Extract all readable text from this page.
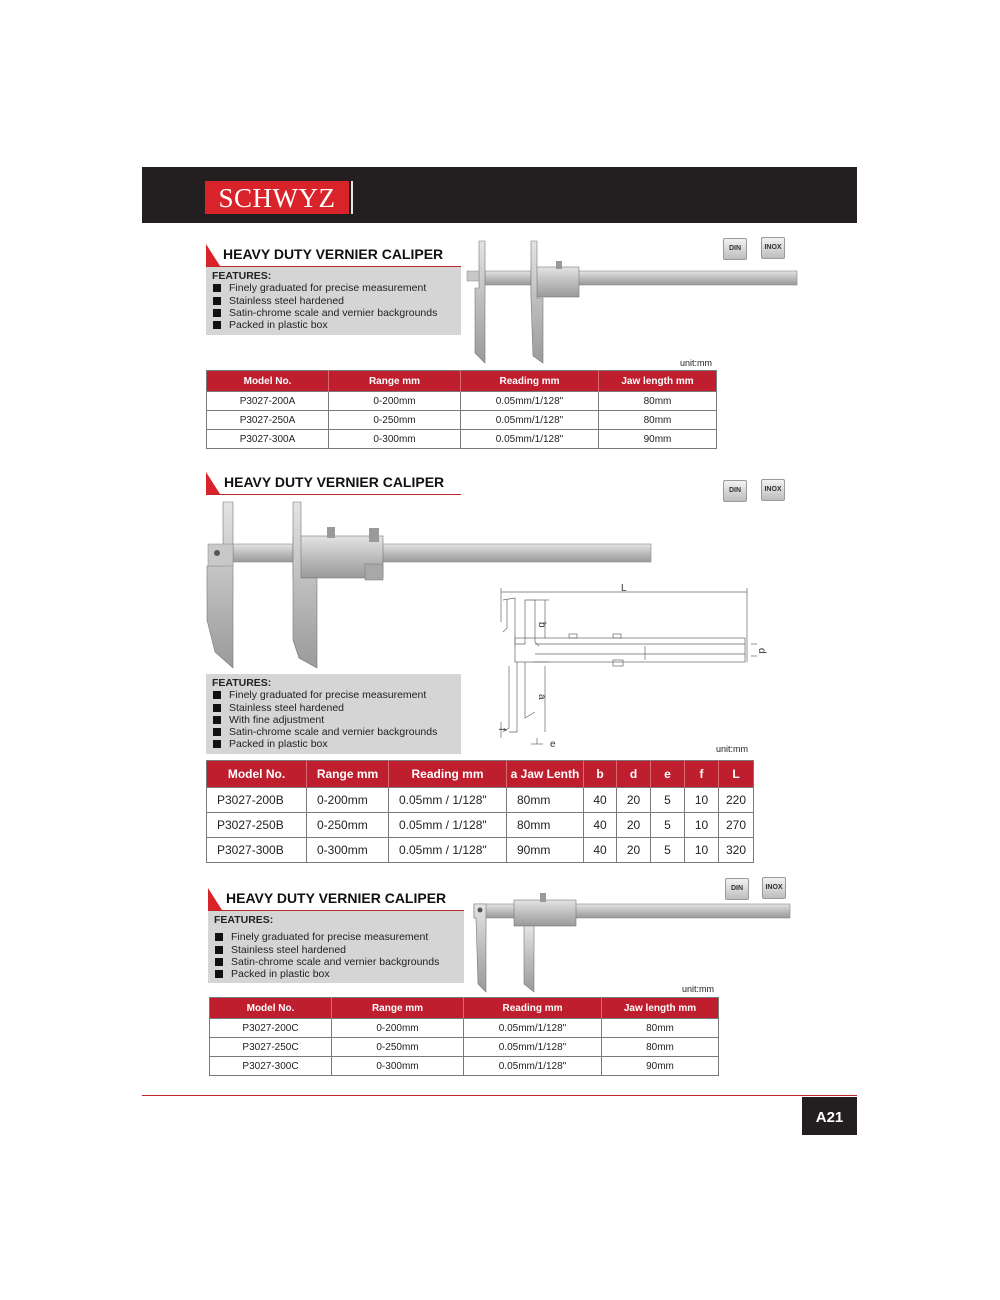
SCHWYZ
HEAVY DUTY VERNIER CALIPER
FEATURES:
Finely graduated for precise measurement
Stainless steel hardened
Satin-chrome scale and vernier backgrounds
Packed in plastic box
DIN	INOX
unit:mm
Model No.	Range mm	Reading mm	Jaw length mm
P3027-200A	0-200mm	0.05mm/1/128"	80mm
P3027-250A	0-250mm	0.05mm/1/128"	80mm
P3027-300A	0-300mm	0.05mm/1/128"	90mm
HEAVY DUTY VERNIER CALIPER
DIN	INOX
L
b
d
a
f
e
FEATURES:
Finely graduated for precise measurement
Stainless steel hardened
With fine adjustment
Satin-chrome scale and vernier backgrounds
Packed in plastic box	unit:mm
Model No.	Range mm	Reading mm	a Jaw Lenth	b	d	e	f	L
P3027-200B	0-200mm	0.05mm / 1/128"	80mm	40	20	5	10	220
P3027-250B	0-250mm	0.05mm / 1/128"	80mm	40	20	5	10	270
P3027-300B	0-300mm	0.05mm / 1/128"	90mm	40	20	5	10	320
HEAVY DUTY VERNIER CALIPER
FEATURES:
Finely graduated for precise measurement
Stainless steel hardened
Satin-chrome scale and vernier backgrounds
Packed in plastic box
DIN	INOX
unit:mm
Model No.	Range mm	Reading mm	Jaw length mm
P3027-200C	0-200mm	0.05mm/1/128"	80mm
P3027-250C	0-250mm	0.05mm/1/128"	80mm
P3027-300C	0-300mm	0.05mm/1/128"	90mm
A21
